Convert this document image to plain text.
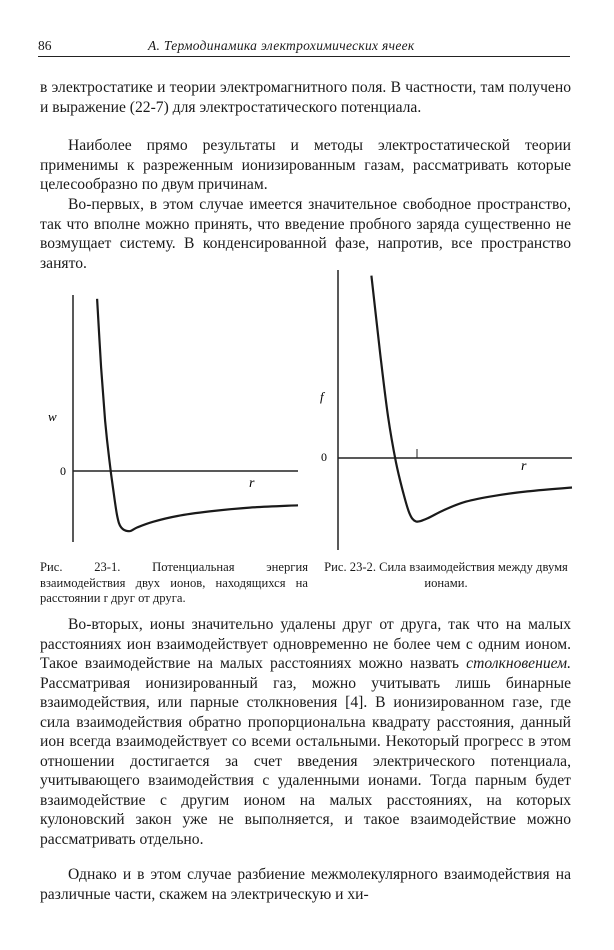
86	А. Термодинамика электрохимических ячеек

в электростатике и теории электромагнитного поля. В частности, там получено и выражение (22-7) для электростатического потенциала.

Наиболее прямо результаты и методы электростатической теории применимы к разреженным ионизированным газам, рассматривать которые целесообразно по двум причинам.

Во-первых, в этом случае имеется значительное свободное пространство, так что вполне можно принять, что введение пробного заряда существенно не возмущает систему. В конденсированной фазе, напротив, все пространство занято.

0
w
r
0
f
r

Рис. 23-1. Потенциальная энергия взаимодействия двух ионов, находящихся на расстоянии r друг от друга.

Рис. 23-2. Сила взаимодействия между двумя ионами.

Во-вторых, ионы значительно удалены друг от друга, так что на малых расстояниях ион взаимодействует одновременно не более чем с одним ионом. Такое взаимодействие на малых расстояниях можно назвать столкновением. Рассматривая ионизированный газ, можно учитывать лишь бинарные взаимодействия, или парные столкновения [4]. В ионизированном газе, где сила взаимодействия обратно пропорциональна квадрату расстояния, данный ион всегда взаимодействует со всеми остальными. Некоторый прогресс в этом отношении достигается за счет введения электрического потенциала, учитывающего взаимодействия с удаленными ионами. Тогда парным будет взаимодействие с другим ионом на малых расстояниях, на которых кулоновский закон уже не выполняется, и такое взаимодействие можно рассматривать отдельно.

Однако и в этом случае разбиение межмолекулярного взаимодействия на различные части, скажем на электрическую и хи-
